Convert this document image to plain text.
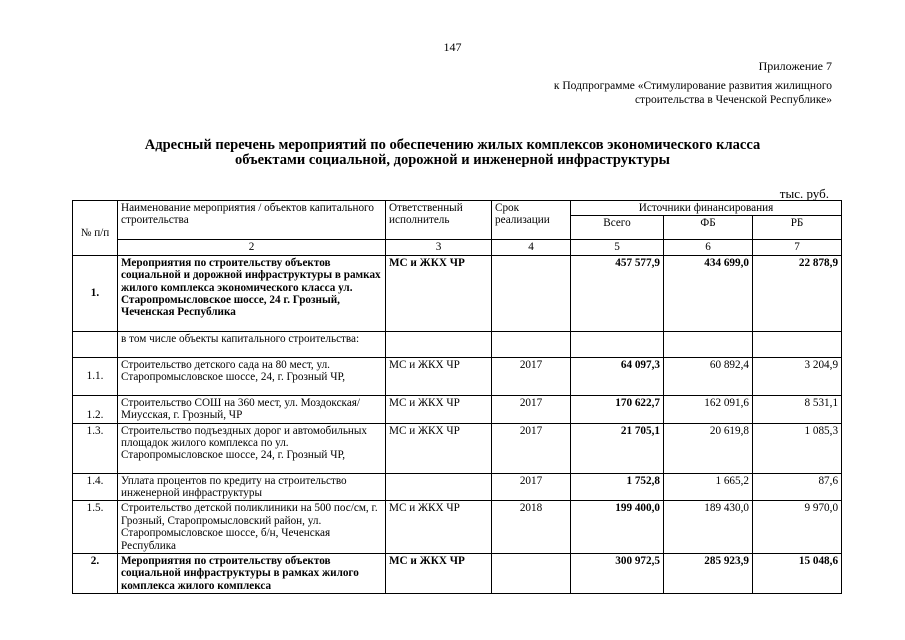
147
Приложение 7
к Подпрограмме «Стимулирование развития жилищного
строительства в Чеченской Республике»
Адресный перечень мероприятий по обеспечению жилых комплексов экономического класса
объектами социальной, дорожной и инженерной инфраструктуры
тыс. руб.
№ п/п	Наименование мероприятия / объектов капитального строительства	Ответственный исполнитель	Срок реализации	Источники финансирования		
				Всего	ФБ	РБ
	2	3	4	5	6	7
1.	Мероприятия по строительству объектов социальной и дорожной инфраструктуры в рамках жилого комплекса экономического класса ул. Старопромысловское шоссе, 24 г. Грозный, Чеченская Республика	МС и ЖКХ ЧР		457 577,9	434 699,0	22 878,9
	в том числе объекты капитального строительства:					
1.1.	Строительство детского сада на 80 мест, ул. Старопромысловское шоссе, 24, г. Грозный ЧР,	МС и ЖКХ ЧР	2017	64 097,3	60 892,4	3 204,9
1.2.	Строительство СОШ на 360 мест, ул. Моздокская/ Миусская, г. Грозный, ЧР	МС и ЖКХ ЧР	2017	170 622,7	162 091,6	8 531,1
1.3.	Строительство подъездных дорог и автомобильных площадок жилого комплекса по ул. Старопромысловское шоссе, 24, г. Грозный ЧР,	МС и ЖКХ ЧР	2017	21 705,1	20 619,8	1 085,3
1.4.	Уплата процентов по кредиту на строительство инженерной инфраструктуры		2017	1 752,8	1 665,2	87,6
1.5.	Строительство детской поликлиники на 500 пос/см, г. Грозный, Старопромысловский район, ул. Старопромысловское шоссе, б/н, Чеченская Республика	МС и ЖКХ ЧР	2018	199 400,0	189 430,0	9 970,0
2.	Мероприятия по строительству объектов социальной инфраструктуры в рамках жилого комплекса жилого комплекса	МС и ЖКХ ЧР		300 972,5	285 923,9	15 048,6
